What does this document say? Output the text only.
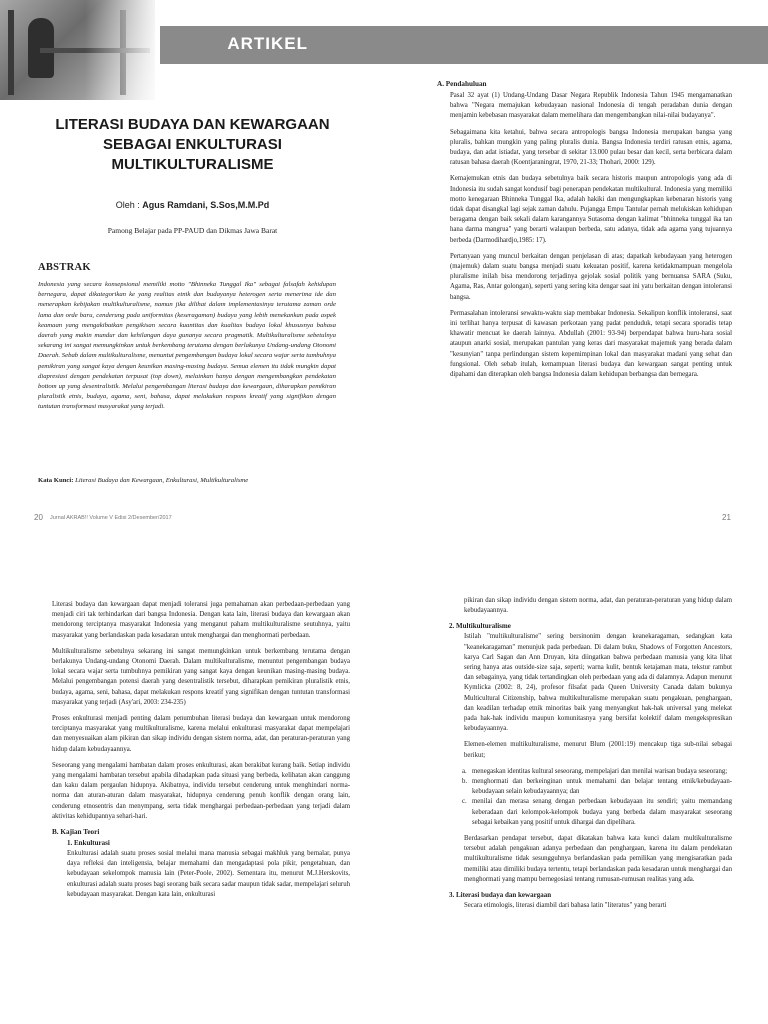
ARTIKEL
LITERASI BUDAYA DAN KEWARGAAN SEBAGAI ENKULTURASI MULTIKULTURALISME
Oleh : Agus Ramdani, S.Sos,M.M.Pd
Pamong Belajar pada PP-PAUD dan Dikmas Jawa Barat
ABSTRAK

Indonesia yang secara konsepsional memiliki motto "Bhinneka Tunggal Ika" sebagai falsafah kehidupan bernegara, dapat dikategorikan ke yang realitas etnik dan budayanya heterogen serta menerima ide dan menerapkan kebijakan multikulturalisme, namun jika dilihat dalam implementasinya terutama zaman orde lama dan orde baru, cenderung pada uniformitas (keseragaman) budaya yang lebih menekankan pada aspek keamaan yang mengakibatkan pengikisan secara kuantitas dan kualitas budaya lokal khususnya bahasa daerah yang makin mundur dan kehilangan daya gunanya secara pragmatik. Multikulturalisme sebetulnya sekarang ini sangat memungkinkan untuk berkembang terutama dengan berlakunya Undang-undang Otonomi Daerah. Sebab dalam multikulturalisme, menuntut pengembangan budaya lokal secara wajar serta tumbuhnya pemikiran yang sangat kaya dengan keunikan masing-masing budaya. Semua elemen itu tidak mungkin dapat diapresiasi dengan pendekatan terpusat (top down), melainkan hanya dengan mengembangkan pendekatan bottom up yang desentralistik. Melalui pengembangan literasi budaya dan kewargaan, diharapkan pemikiran pluralistik etnis, budaya, agama, seni, bahasa, dapat melakukan respons kreatif yang signifikan dengan tuntutan transformasi masyarakat yang terjadi.

Kata Kunci: Literasi Budaya dan Kewargaan, Enkulturasi, Multikulturalisme

A. Pendahuluan

Pasal 32 ayat (1) Undang-Undang Dasar Negara Republik Indonesia Tahun 1945 mengamanatkan bahwa "Negara memajukan kebudayaan nasional Indonesia di tengah peradaban dunia dengan menjamin kebebasan masyarakat dalam memelihara dan mengembangkan nilai-nilai budayanya".

Sebagaimana kita ketahui, bahwa secara antropologis bangsa Indonesia merupakan bangsa yang pluralis, bahkan mungkin yang paling pluralis dunia. Bangsa Indonesia terdiri ratusan etnis, agama, budaya, dan adat istiadat, yang tersebar di sekitar 13.000 pulau besar dan kecil, serta berbicara dalam ratusan bahasa daerah (Koentjaraningrat, 1970, 21-33; Thohari, 2000: 129).

Kemajemukan etnis dan budaya sebetulnya baik secara historis maupun antropologis yang ada di Indonesia itu sudah sangat kondusif bagi penerapan pendekatan multikultural. Indonesia yang memiliki motto kenegaraan Bhinneka Tunggal Ika, adalah hakiki dan mengungkapkan kebenaran historis yang tidak dapat disangkal lagi sejak zaman dahulu. Pujangga Empu Tantular pernah melukiskan kehidupan beragama dengan baik sekali dalam karangannya Sutasoma dengan kalimat "bhinneka tunggal ika tan hana darma mangrua" yang berarti walaupun berbeda, satu adanya, tidak ada agama yang tujuannya berbeda (Darmodihardjo,1985: 17).

Pertanyaan yang muncul berkaitan dengan penjelasan di atas; dapatkah kebudayaan yang heterogen (majemuk) dalam suatu bangsa menjadi suatu kekuatan positif, karena ketidakmampuan mengelola pluralisme inilah bisa mendorong terjadinya gejolak sosial politik yang bernuansa SARA (Suku, Agama, Ras, Antar golongan), seperti yang sering kita dengar saat ini yatu berkaitan dengan intoleransi bangsa.

Permasalahan intoleransi sewaktu-waktu siap membakar Indonesia. Sekalipun konflik intoleransi, saat ini terlihat hanya terpusat di kawasan perkotaan yang padat penduduk, tetapi secara sporadis tetap khawatir mencuat ke daerah lainnya. Abdullah (2001: 93-94) berpendapat bahwa huru-hara sosial ataupun anarki sosial, merupakan pantulan yang keras dari masyarakat majemuk yang berada dalam "kesunyian" tanpa perlindungan sistem kepemimpinan lokal dan masyarakat madani yang sehat dan fungsional. Oleh sebab itulah, kemampuan literasi budaya dan kewargaan sangat penting untuk dipahami dan diterapkan oleh bangsa Indonesia dalam kehidupan berbangsa dan bernegara.

20 Jurnal AKRAB!! Volume V Edisi 2/Desember/2017	21

Literasi budaya dan kewargaan dapat menjadi toleransi juga pemahaman akan perbedaan-perbedaan yang menjadi ciri tak terhindarkan dari bangsa Indonesia. Dengan kata lain, literasi budaya dan kewargaan akan mendorong terciptanya masyarakat Indonesia yang menganut paham multikulturalisme seutuhnya, yaitu masyarakat yang berlandaskan pada kesadaran untuk menghargai dan menghormati perbedaan.

Multikulturalisme sebetulnya sekarang ini sangat memungkinkan untuk berkembang terutama dengan berlakunya Undang-undang Otonomi Daerah. Dalam multikulturalisme, menuntut pengembangan budaya lokal secara wajar serta tumbuhnya pemikiran yang sangat kaya dengan keunikan masing-masing budaya. Melalui pengembangan potensi daerah yang desentralistik tersebut, diharapkan pemikiran pluralistik etnis, budaya, agama, seni, bahasa, dapat melakukan respons kreatif yang signifikan dengan tuntutan transformasi masyarakat yang terjadi (Asy'ari, 2003: 234-235)

Proses enkulturasi menjadi penting dalam penumbuhan literasi budaya dan kewargaan untuk mendorong terciptanya masyarakat yang multikulturalisme, karena melalui enkulturasi masyarakat dapat mempelajari dan menyesuaikan alam pikiran dan sikap individu dengan sistem norma, adat, dan peraturan-peraturan yang hidup dalam kebudayaannya.

Seseorang yang mengalami hambatan dalam proses enkulturasi, akan berakibat kurang baik. Setiap individu yang mengalami hambatan tersebut apabila dihadapkan pada situasi yang berbeda, kelihatan akan canggung dan kaku dalam pergaulan hidupnya. Akibatnya, individu tersebut cenderung untuk menghindari norma-norma dan aturan-aturan dalam masyarakat, hidupnya cenderung penuh konflik dengan orang lain, cenderung etnosentris dan menympang, serta tidak menghargai perbedaan-perbedaan yang terjadi dalam aktivitas kehidupannya sehari-hari.

B. Kajian Teori
1. Enkulturasi

Enkulturasi adalah suatu proses sosial melalui mana manusia sebagai makhluk yang bernalar, punya daya refleksi dan inteligensia, belajar memahami dan mengadaptasi pola pikir, pengetahuan, dan kebudayaan sekelompok manusia lain (Peter-Poole, 2002). Sementara itu, menurut M.J.Herskovits, enkulturasi adalah suatu proses bagi seorang baik secara sadar maupun tidak sadar, mempelajari seluruh kebudayaan masyarakat. Dengan kata lain, enkulturasi

pikiran dan sikap individu dengan sistem norma, adat, dan peraturan-peraturan yang hidup dalam kebudayaannya.

2. Multikulturalisme

Istilah "multikulturalisme" sering bersinonim dengan keanekaragaman, sedangkan kata "keanekaragaman" menunjuk pada perbedaan. Di dalam buku, Shadows of Forgotten Ancestors, karya Carl Sagan dan Ann Druyan, kita diingatkan bahwa perbedaan manusia yang kita lihat sering hanya atas outside-size saja, seperti; warna kulit, bentuk ketajaman mata, tekstur rambut dan sebagainya, yang tidak tertandingkan oleh perbedaan yang ada di dalamnya. Adapun menurut Kymlicka (2002: 8, 24), profesor filsafat pada Queen University Canada dalam bukunya Multicultural Citizenship, bahwa multikulturalisme merupakan suatu pengakuan, penghargaan, dan keadilan terhadap etnik minoritas baik yang menyangkut hak-hak universal yang melekat pada hak-hak individu maupun komunitasnya yang bersifat kolektif dalam mengekspresikan kebudayaannya.

Elemen-elemen multikulturalisme, menurut Blum (2001:19) mencakup tiga sub-nilai sebagai berikut;

a. menegaskan identitas kultural seseorang, mempelajari dan menilai warisan budaya seseorang;
b. menghormati dan berkeinginan untuk memahami dan belajar tentang etnik/kebudayaan-kebudayaan selain kebudayaannya; dan
c. menilai dan merasa senang dengan perbedaan kebudayaan itu sendiri; yaitu memandang keberadaan dari kelompok-kelompok budaya yang berbeda dalam masyarakat seseorang sebagai kebaikan yang positif untuk dihargai dan dipelihara.

Berdasarkan pendapat tersebut, dapat dikatakan bahwa kata kunci dalam multikulturalisme tersebut adalah pengakuan adanya perbedaan dan penghargaan, karena itu dalam pendekatan multikulturalisme tidak sesungguhnya berlandaskan pada pemilikan yang mengisaratkan pada memiliki atau dimiliki budaya tertentu, tetapi berlandaskan pada kesadaran untuk menghargai dan menghormati yang mampu bernegosiasi tentang rumusan-rumusan realitas yang ada.

3. Literasi budaya dan kewargaan

Secara etimologis, literasi diambil dari bahasa latin "literatus" yang berarti
